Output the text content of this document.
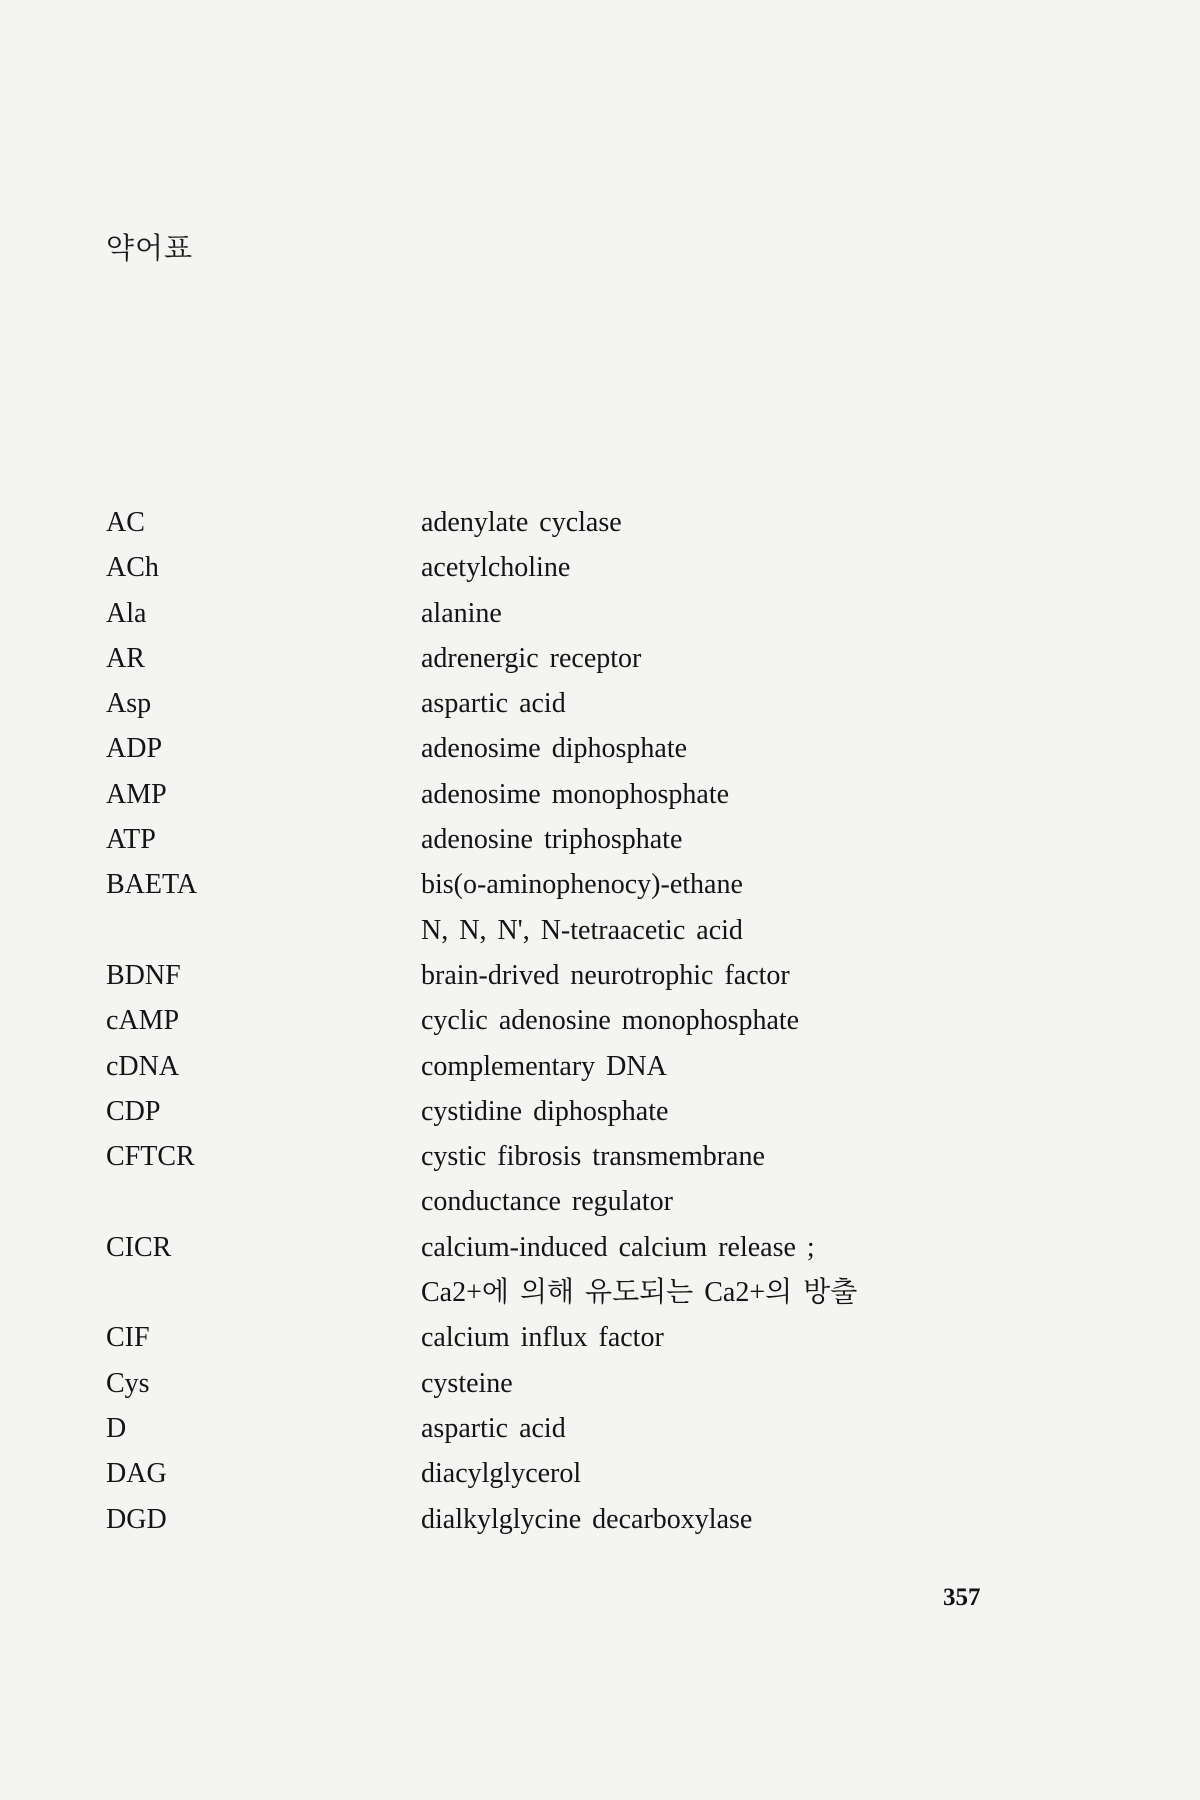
약어표
AC	adenylate cyclase
ACh	acetylcholine
Ala	alanine
AR	adrenergic receptor
Asp	aspartic acid
ADP	adenosime diphosphate
AMP	adenosime monophosphate
ATP	adenosine triphosphate
BAETA	bis(o-aminophenocy)-ethane
N, N, N', N-tetraacetic acid
BDNF	brain-drived neurotrophic factor
cAMP	cyclic adenosine monophosphate
cDNA	complementary DNA
CDP	cystidine diphosphate
CFTCR	cystic fibrosis transmembrane
conductance regulator
CICR	calcium-induced calcium release ;
Ca2+에 의해 유도되는 Ca2+의 방출
CIF	calcium influx factor
Cys	cysteine
D	aspartic acid
DAG	diacylglycerol
DGD	dialkylglycine decarboxylase
357
